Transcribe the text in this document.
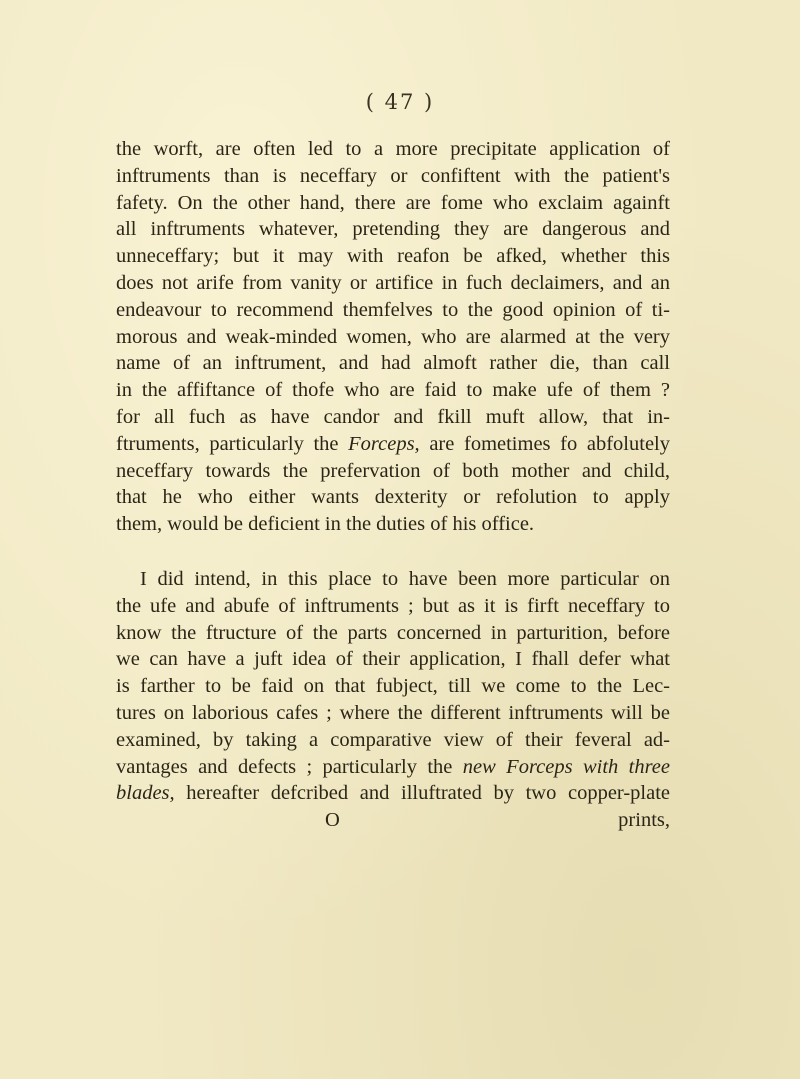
( 47 )
the worft, are often led to a more precipitate application of
inftruments than is neceffary or confiftent with the patient's
fafety. On the other hand, there are fome who exclaim againft
all inftruments whatever, pretending they are dangerous and
unneceffary; but it may with reafon be afked, whether this
does not arife from vanity or artifice in fuch declaimers, and an
endeavour to recommend themfelves to the good opinion of ti-
morous and weak-minded women, who are alarmed at the very
name of an inftrument, and had almoft rather die, than call
in the affiftance of thofe who are faid to make ufe of them ?
for all fuch as have candor and fkill muft allow, that in-
ftruments, particularly the Forceps, are fometimes fo abfolutely
neceffary towards the prefervation of both mother and child,
that he who either wants dexterity or refolution to apply
them, would be deficient in the duties of his office.
I did intend, in this place to have been more particular on
the ufe and abufe of inftruments ; but as it is firft neceffary to
know the ftructure of the parts concerned in parturition, before
we can have a juft idea of their application, I fhall defer what
is farther to be faid on that fubject, till we come to the Lec-
tures on laborious cafes ; where the different inftruments will be
examined, by taking a comparative view of their feveral ad-
vantages and defects ; particularly the new Forceps with three
blades, hereafter defcribed and illuftrated by two copper-plate
O	prints,
